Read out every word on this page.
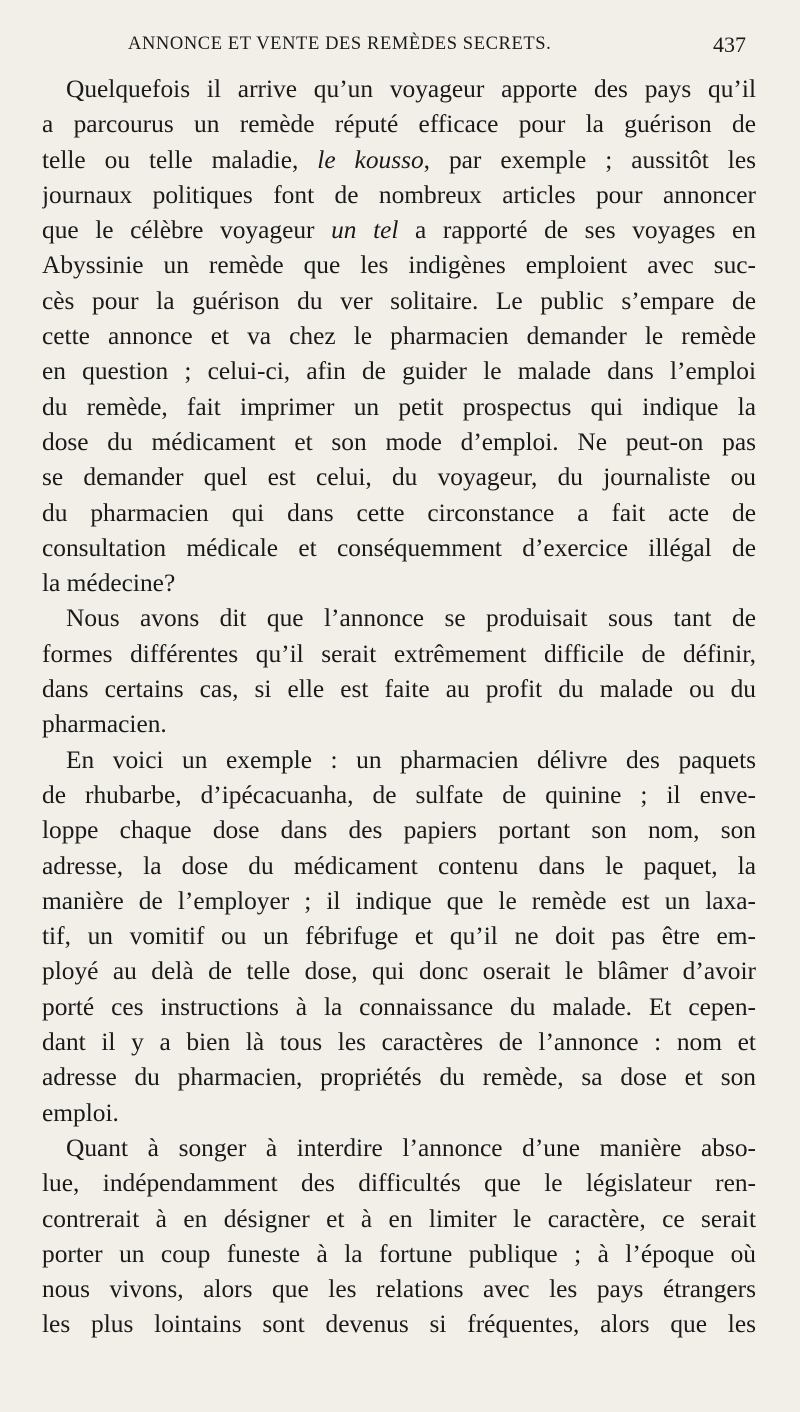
ANNONCE ET VENTE DES REMÈDES SECRETS.	437
Quelquefois il arrive qu’un voyageur apporte des pays qu’il
a parcourus un remède réputé efficace pour la guérison de
telle ou telle maladie, le kousso, par exemple ; aussitôt les
journaux politiques font de nombreux articles pour annoncer
que le célèbre voyageur un tel a rapporté de ses voyages en
Abyssinie un remède que les indigènes emploient avec suc-
cès pour la guérison du ver solitaire. Le public s’empare de
cette annonce et va chez le pharmacien demander le remède
en question ; celui-ci, afin de guider le malade dans l’emploi
du remède, fait imprimer un petit prospectus qui indique la
dose du médicament et son mode d’emploi. Ne peut-on pas
se demander quel est celui, du voyageur, du journaliste ou
du pharmacien qui dans cette circonstance a fait acte de
consultation médicale et conséquemment d’exercice illégal de
la médecine?
Nous avons dit que l’annonce se produisait sous tant de
formes différentes qu’il serait extrêmement difficile de définir,
dans certains cas, si elle est faite au profit du malade ou du
pharmacien.
En voici un exemple : un pharmacien délivre des paquets
de rhubarbe, d’ipécacuanha, de sulfate de quinine ; il enve-
loppe chaque dose dans des papiers portant son nom, son
adresse, la dose du médicament contenu dans le paquet, la
manière de l’employer ; il indique que le remède est un laxa-
tif, un vomitif ou un fébrifuge et qu’il ne doit pas être em-
ployé au delà de telle dose, qui donc oserait le blâmer d’avoir
porté ces instructions à la connaissance du malade. Et cepen-
dant il y a bien là tous les caractères de l’annonce : nom et
adresse du pharmacien, propriétés du remède, sa dose et son
emploi.
Quant à songer à interdire l’annonce d’une manière abso-
lue, indépendamment des difficultés que le législateur ren-
contrerait à en désigner et à en limiter le caractère, ce serait
porter un coup funeste à la fortune publique ; à l’époque où
nous vivons, alors que les relations avec les pays étrangers
les plus lointains sont devenus si fréquentes, alors que les
